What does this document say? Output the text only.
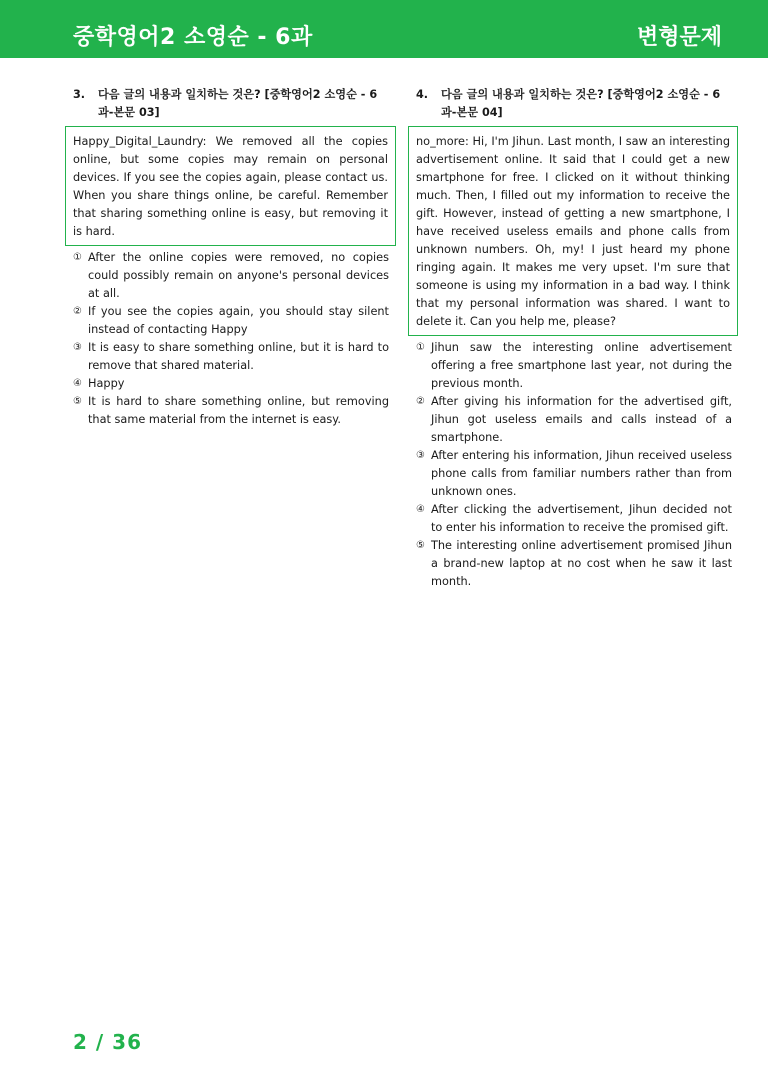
중학영어2 소영순 - 6과	변형문제
3.	다음 글의 내용과 일치하는 것은? [중학영어2 소영순 - 6과-본문 03]
Happy_Digital_Laundry: We removed all the copies online, but some copies may remain on personal devices. If you see the copies again, please contact us. When you share things online, be careful. Remember that sharing something online is easy, but removing it is hard.
① After the online copies were removed, no copies could possibly remain on anyone's personal devices at all.
② If you see the copies again, you should stay silent instead of contacting Happy
③ It is easy to share something online, but it is hard to remove that shared material.
④ Happy
⑤ It is hard to share something online, but removing that same material from the internet is easy.
4.	다음 글의 내용과 일치하는 것은? [중학영어2 소영순 - 6과-본문 04]
no_more: Hi, I'm Jihun. Last month, I saw an interesting advertisement online. It said that I could get a new smartphone for free. I clicked on it without thinking much. Then, I filled out my information to receive the gift. However, instead of getting a new smartphone, I have received useless emails and phone calls from unknown numbers. Oh, my! I just heard my phone ringing again. It makes me very upset. I'm sure that someone is using my information in a bad way. I think that my personal information was shared. I want to delete it. Can you help me, please?
① Jihun saw the interesting online advertisement offering a free smartphone last year, not during the previous month.
② After giving his information for the advertised gift, Jihun got useless emails and calls instead of a smartphone.
③ After entering his information, Jihun received useless phone calls from familiar numbers rather than from unknown ones.
④ After clicking the advertisement, Jihun decided not to enter his information to receive the promised gift.
⑤ The interesting online advertisement promised Jihun a brand-new laptop at no cost when he saw it last month.
2 / 36
